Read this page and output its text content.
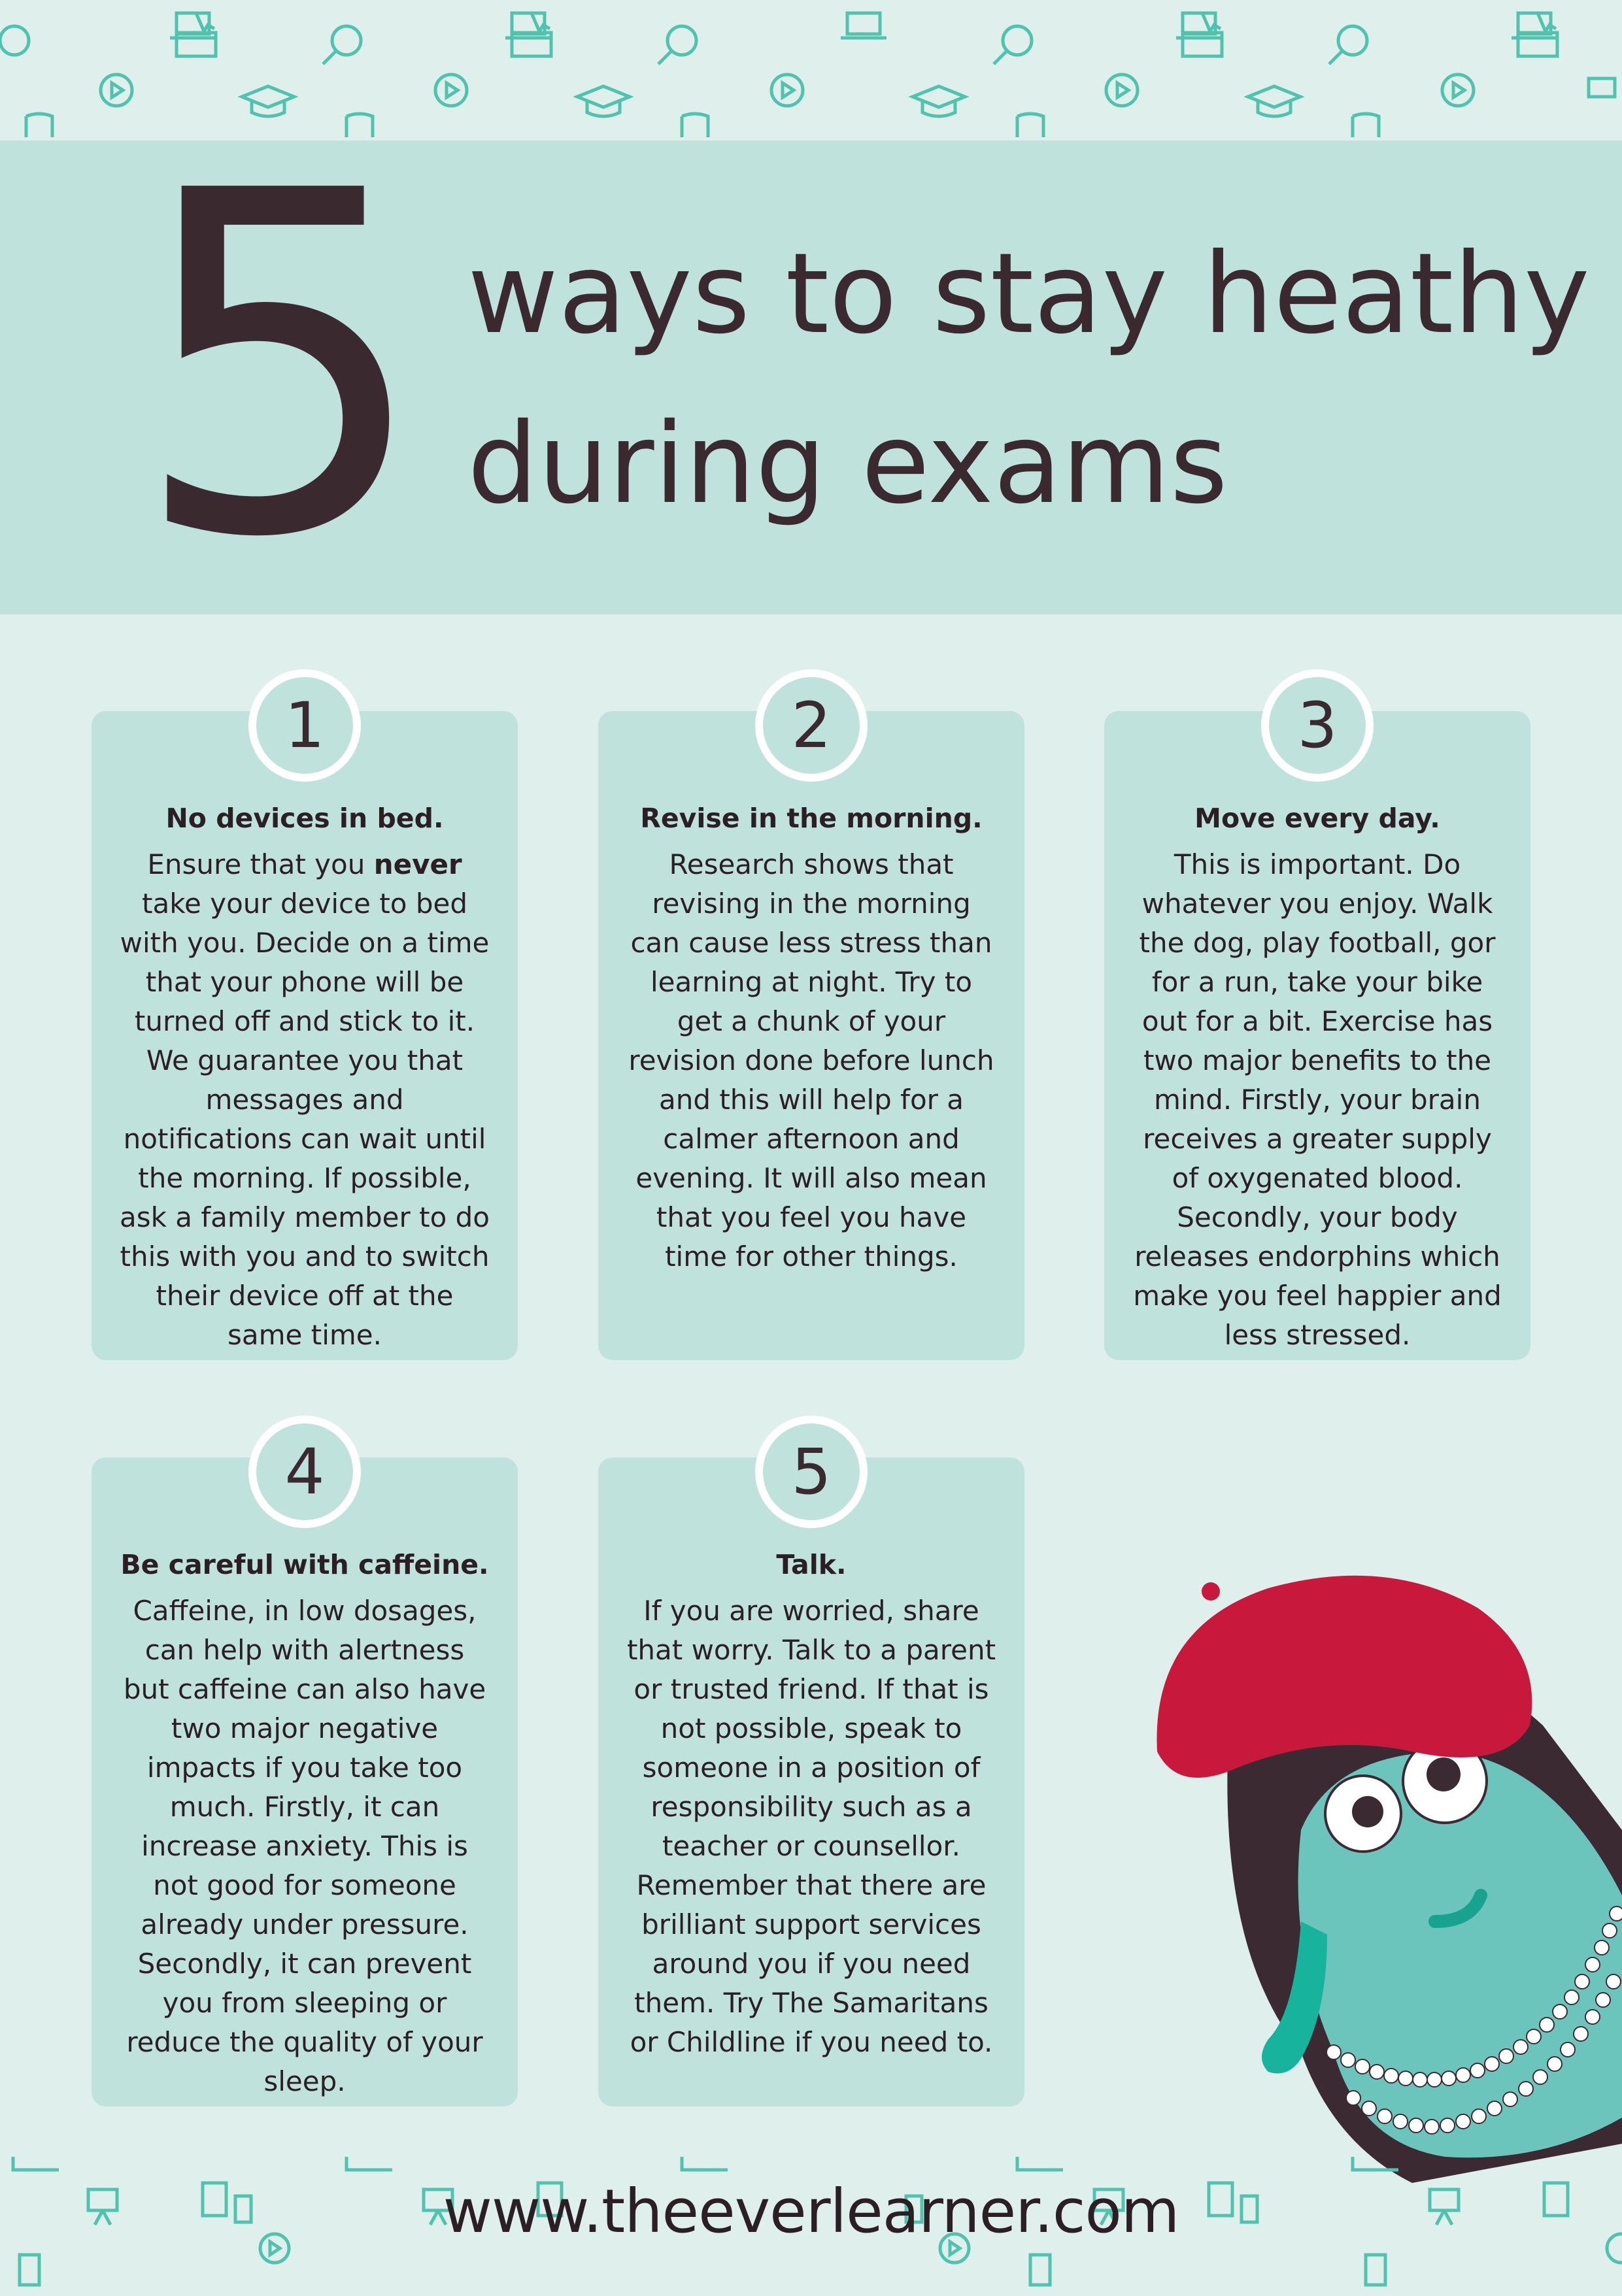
5 ways to stay heathy
during exams
1
No devices in bed.
Ensure that you never take your device to bed with you. Decide on a time that your phone will be turned off and stick to it. We guarantee you that messages and notifications can wait until the morning. If possible, ask a family member to do this with you and to switch their device off at the same time.
2
Revise in the morning.
Research shows that revising in the morning can cause less stress than learning at night. Try to get a chunk of your revision done before lunch and this will help for a calmer afternoon and evening. It will also mean that you feel you have time for other things.
3
Move every day.
This is important. Do whatever you enjoy. Walk the dog, play football, gor for a run, take your bike out for a bit. Exercise has two major benefits to the mind. Firstly, your brain receives a greater supply of oxygenated blood. Secondly, your body releases endorphins which make you feel happier and less stressed.
4
Be careful with caffeine.
Caffeine, in low dosages, can help with alertness but caffeine can also have two major negative impacts if you take too much. Firstly, it can increase anxiety. This is not good for someone already under pressure. Secondly, it can prevent you from sleeping or reduce the quality of your sleep.
5
Talk.
If you are worried, share that worry. Talk to a parent or trusted friend. If that is not possible, speak to someone in a position of responsibility such as a teacher or counsellor. Remember that there are brilliant support services around you if you need them. Try The Samaritans or Childline if you need to.
www.theeverlearner.com
